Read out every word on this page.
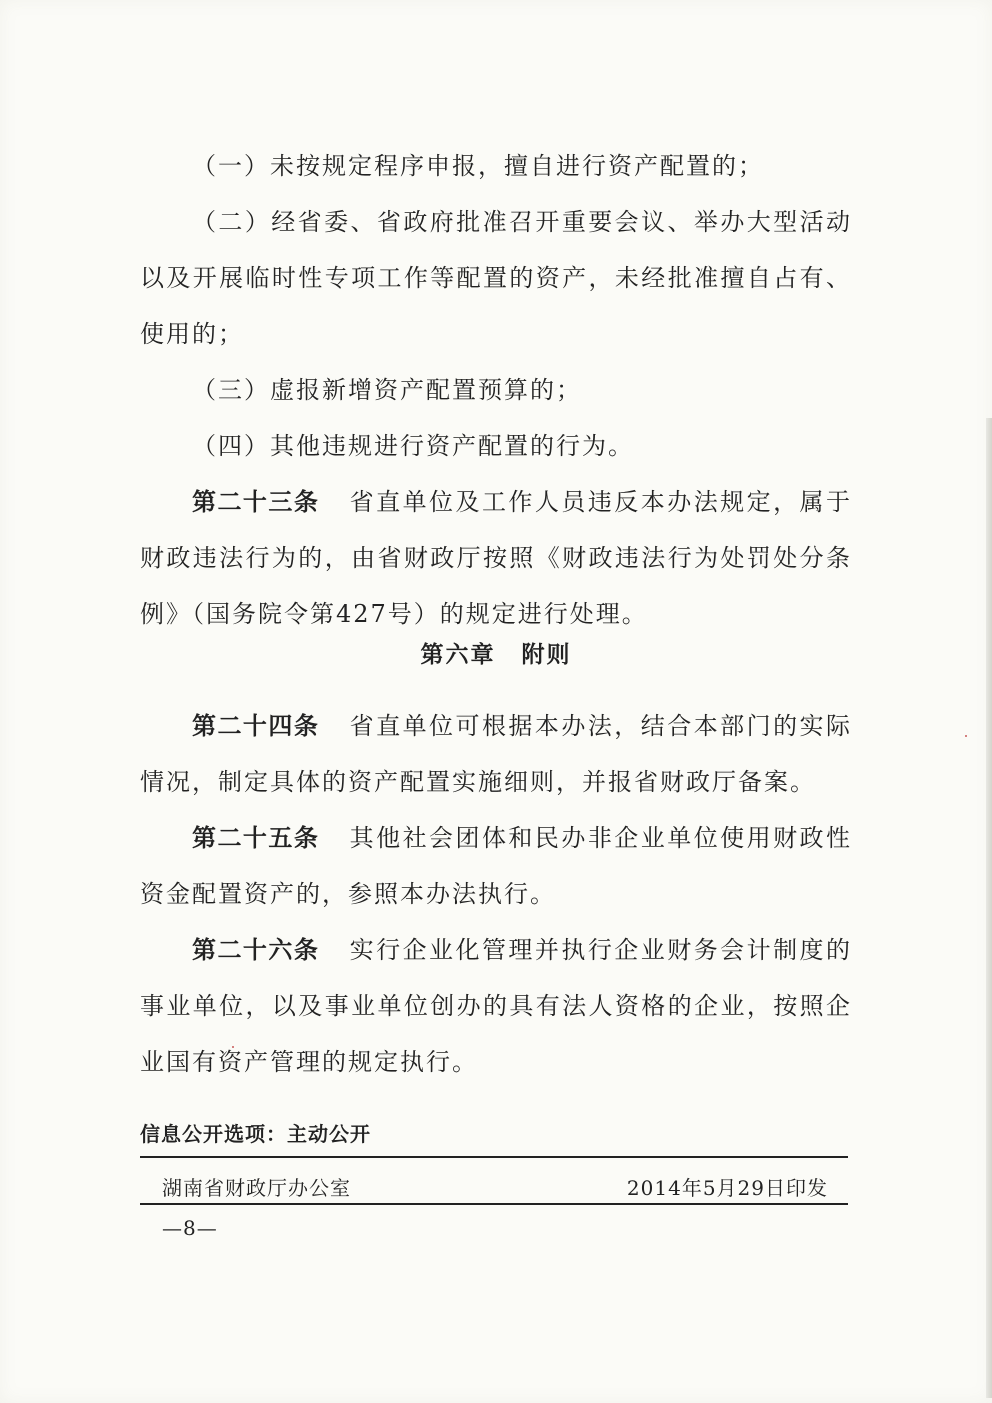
（一）未按规定程序申报，擅自进行资产配置的；

（二）经省委、省政府批准召开重要会议、举办大型活动以及开展临时性专项工作等配置的资产，未经批准擅自占有、使用的；

（三）虚报新增资产配置预算的；

（四）其他违规进行资产配置的行为。

第二十三条 省直单位及工作人员违反本办法规定，属于财政违法行为的，由省财政厅按照《财政违法行为处罚处分条例》（国务院令第427号）的规定进行处理。

第二十四条 省直单位可根据本办法，结合本部门的实际情况，制定具体的资产配置实施细则，并报省财政厅备案。

第二十五条 其他社会团体和民办非企业单位使用财政性资金配置资产的，参照本办法执行。

第二十六条 实行企业化管理并执行企业财务会计制度的事业单位，以及事业单位创办的具有法人资格的企业，按照企业国有资产管理的规定执行。

第六章 附则
信息公开选项：主动公开
湖南省财政厅办公室	2014年5月29日印发
—8—
